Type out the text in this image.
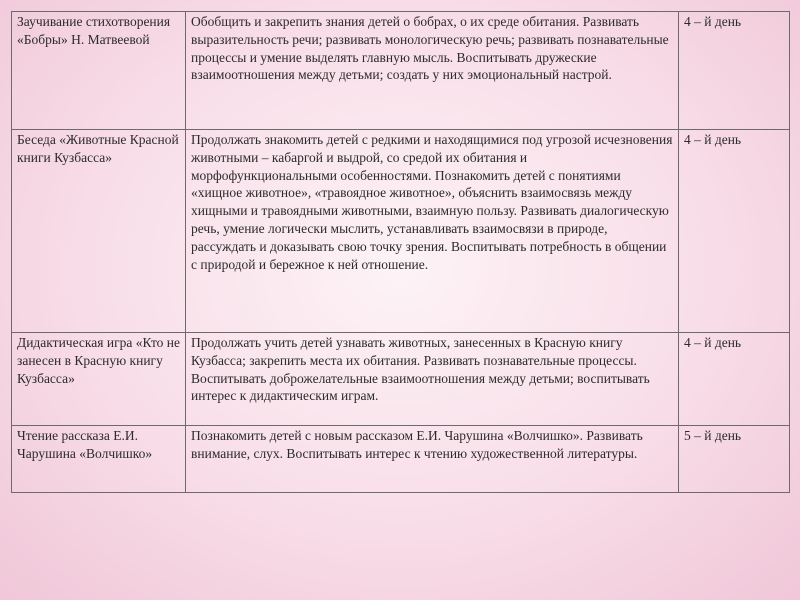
Заучивание стихотворения «Бобры» Н. Матвеевой	Обобщить и закрепить знания детей о бобрах, о их среде обитания. Развивать выразительность речи; развивать монологическую речь; развивать познавательные процессы и умение выделять главную мысль. Воспитывать дружеские взаимоотношения между детьми; создать у них эмоциональный настрой.	4 – й день
Беседа «Животные Красной книги Кузбасса»	Продолжать знакомить детей с редкими и находящимися под угрозой исчезновения животными – кабаргой и выдрой, со средой их обитания и морфофункциональными особенностями. Познакомить детей с понятиями «хищное животное», «травоядное животное», объяснить взаимосвязь между хищными и травоядными животными, взаимную пользу. Развивать диалогическую речь, умение логически мыслить, устанавливать взаимосвязи в природе, рассуждать и доказывать свою точку зрения. Воспитывать потребность в общении с природой и бережное к ней отношение.	4 – й день
Дидактическая игра «Кто не занесен в Красную книгу Кузбасса»	Продолжать учить детей узнавать животных, занесенных в Красную книгу Кузбасса; закрепить места их обитания. Развивать познавательные процессы. Воспитывать доброжелательные взаимоотношения между детьми; воспитывать интерес к дидактическим играм.	4 – й день
Чтение рассказа Е.И. Чарушина «Волчишко»	Познакомить детей с новым рассказом Е.И. Чарушина «Волчишко». Развивать внимание, слух. Воспитывать интерес к чтению художественной литературы.	5 – й день
